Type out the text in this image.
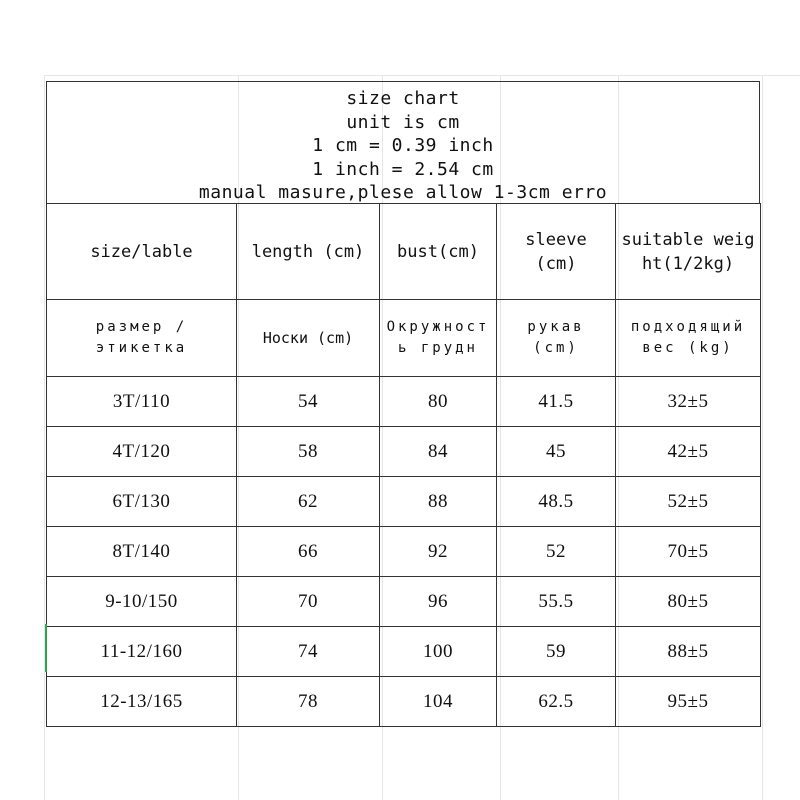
size chart
unit is cm
1 cm = 0.39 inch
1 inch = 2.54 cm
manual masure,plese allow 1-3cm erro
size/lable	length (cm)	bust(cm)	sleeve (cm)	suitable weight(1/2kg)
размер / этикетка	Носки (cm)	Окружность грудн	рукав (cm)	подходящий вес (kg)
3T/110	54	80	41.5	32±5
4T/120	58	84	45	42±5
6T/130	62	88	48.5	52±5
8T/140	66	92	52	70±5
9-10/150	70	96	55.5	80±5
11-12/160	74	100	59	88±5
12-13/165	78	104	62.5	95±5
